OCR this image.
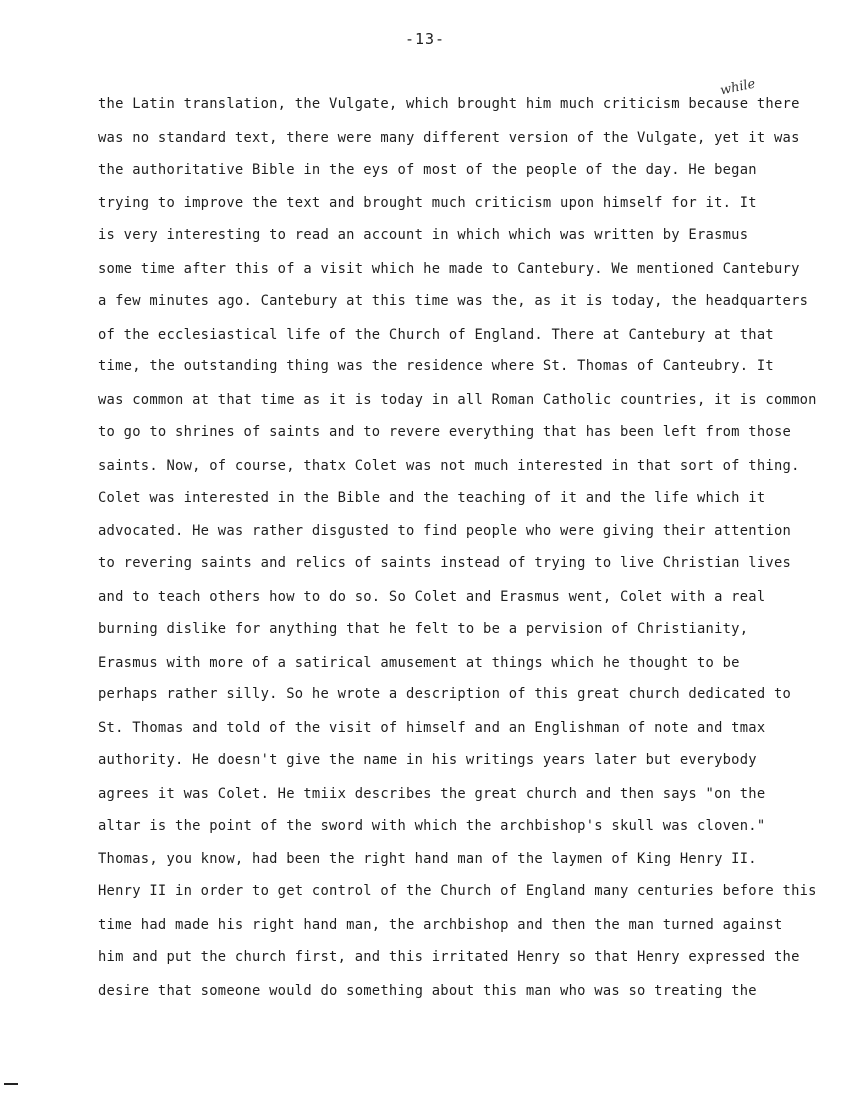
-13-
while
the Latin translation, the Vulgate, which brought him much criticism because there
was no standard text, there were many different version of the Vulgate, yet it was
the authoritative Bible in the eys of most of the people of the day. He began
trying to improve the text and brought much criticism upon himself for it. It
is very interesting to read an account in which which was written by Erasmus
some time after this of a visit which he made to Cantebury. We mentioned Cantebury
a few minutes ago. Cantebury at this time was the, as it is today, the headquarters
of the ecclesiastical life of the Church of England. There at Cantebury at that
time, the outstanding thing was the residence where St. Thomas of Canteubry. It
was common at that time as it is today in all Roman Catholic countries, it is common
to go to shrines of saints and to revere everything that has been left from those
saints. Now, of course, thatx Colet was not much interested in that sort of thing.
Colet was interested in the Bible and the teaching of it and the life which it
advocated. He was rather disgusted to find people who were giving their attention
to revering saints and relics of saints instead of trying to live Christian lives
and to teach others how to do so. So Colet and Erasmus went, Colet with a real
burning dislike for anything that he felt to be a pervision of Christianity,
Erasmus with more of a satirical amusement at things which he thought to be
perhaps rather silly. So he wrote a description of this great church dedicated to
St. Thomas and told of the visit of himself and an Englishman of note and tmax
authority. He doesn't give the name in his writings years later but everybody
agrees it was Colet. He tmiix describes the great church and then says "on the
altar is the point of the sword with which the archbishop's skull was cloven."
Thomas, you know, had been the right hand man of the laymen of King Henry II.
Henry II in order to get control of the Church of England many centuries before this
time had made his right hand man, the archbishop and then the man turned against
him and put the church first, and this irritated Henry so that Henry expressed the
desire that someone would do something about this man who was so treating the
